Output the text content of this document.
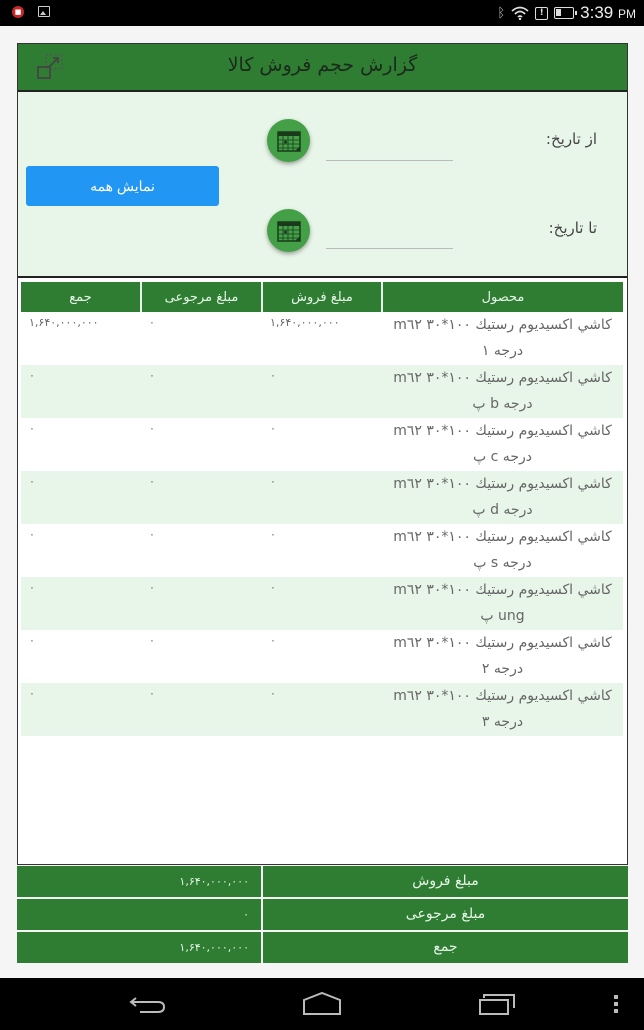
■	ᛒ	! 3:39 PM
گزارش حجم فروش کالا
از تاریخ:
نمایش همه
تا تاریخ:
محصول	مبلغ فروش	مبلغ مرجوعی	جمع
كاشي اكسيديوم رستيك ١٠٠*٣٠ m٦٢ درجه ١	۱,۶۴۰,۰۰۰,۰۰۰	۰	۱,۶۴۰,۰۰۰,۰۰۰
كاشي اكسيديوم رستيك ١٠٠*٣٠ m٦٢ درجه b پ	۰	۰	۰
كاشي اكسيديوم رستيك ١٠٠*٣٠ m٦٢ درجه c پ	۰	۰	۰
كاشي اكسيديوم رستيك ١٠٠*٣٠ m٦٢ درجه d پ	۰	۰	۰
كاشي اكسيديوم رستيك ١٠٠*٣٠ m٦٢ درجه s پ	۰	۰	۰
كاشي اكسيديوم رستيك ١٠٠*٣٠ m٦٢ ung پ	۰	۰	۰
كاشي اكسيديوم رستيك ١٠٠*٣٠ m٦٢ درجه ٢	۰	۰	۰
كاشي اكسيديوم رستيك ١٠٠*٣٠ m٦٢ درجه ٣	۰	۰	۰
۱,۶۴۰,۰۰۰,۰۰۰	مبلغ فروش
۰	مبلغ مرجوعی
۱,۶۴۰,۰۰۰,۰۰۰	جمع
